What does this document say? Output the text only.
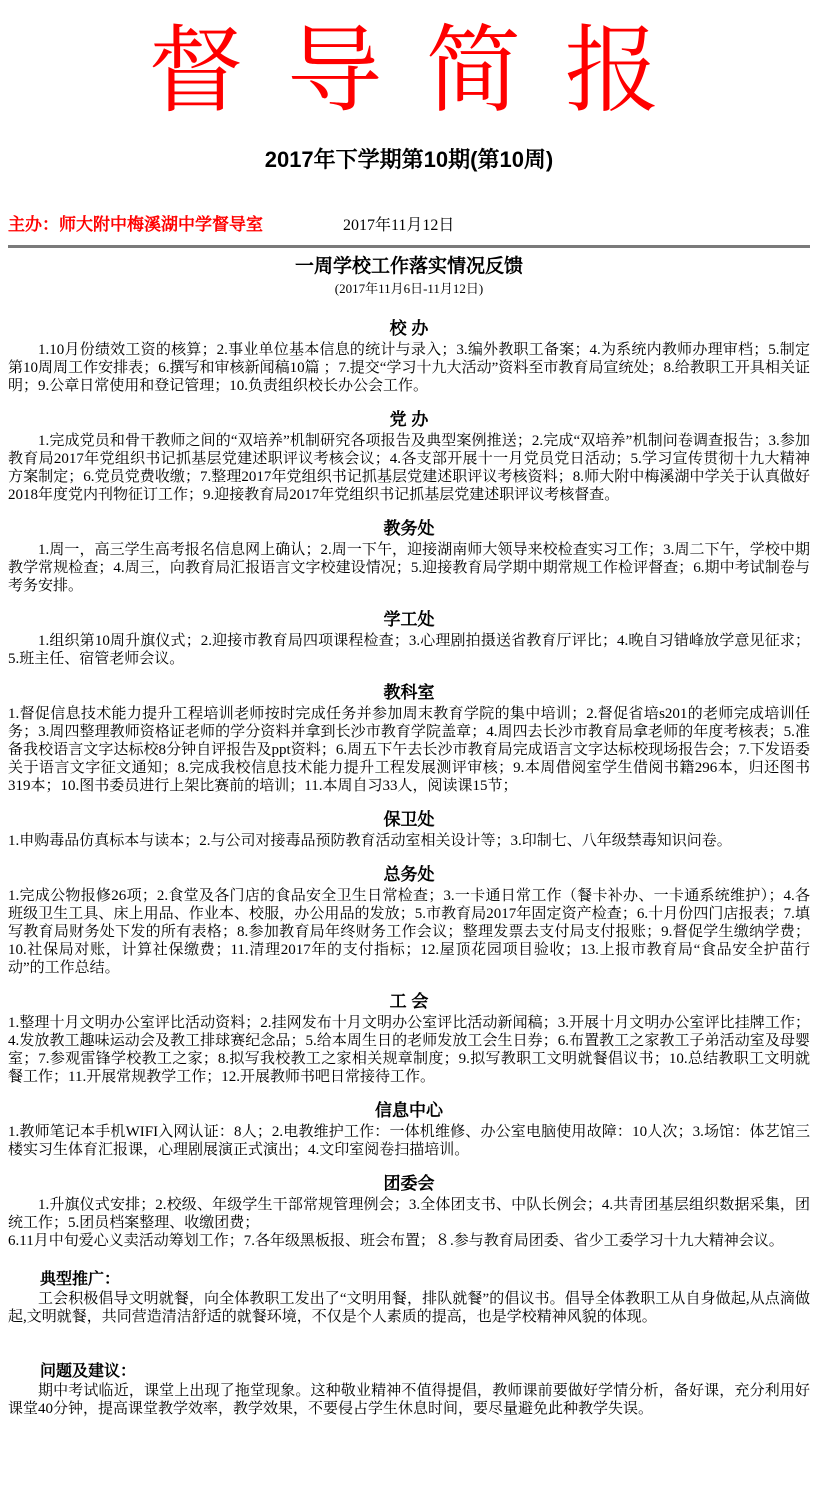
督 导 简 报
2017年下学期第10期(第10周)
主办：师大附中梅溪湖中学督导室	2017年11月12日
一周学校工作落实情况反馈
(2017年11月6日-11月12日)
校 办

1.10月份绩效工资的核算；2.事业单位基本信息的统计与录入；3.编外教职工备案；4.为系统内教师办理审档；5.制定第10周周工作安排表；6.撰写和审核新闻稿10篇 ；7.提交“学习十九大活动”资料至市教育局宣统处；8.给教职工开具相关证明；9.公章日常使用和登记管理；10.负责组织校长办公会工作。

党 办

1.完成党员和骨干教师之间的“双培养”机制研究各项报告及典型案例推送；2.完成“双培养”机制问卷调查报告；3.参加教育局2017年党组织书记抓基层党建述职评议考核会议；4.各支部开展十一月党员党日活动；5.学习宣传贯彻十九大精神方案制定；6.党员党费收缴；7.整理2017年党组织书记抓基层党建述职评议考核资料；8.师大附中梅溪湖中学关于认真做好2018年度党内刊物征订工作；9.迎接教育局2017年党组织书记抓基层党建述职评议考核督查。

教务处

1.周一，高三学生高考报名信息网上确认；2.周一下午，迎接湖南师大领导来校检查实习工作；3.周二下午，学校中期教学常规检查；4.周三，向教育局汇报语言文字校建设情况；5.迎接教育局学期中期常规工作检评督查；6.期中考试制卷与考务安排。

学工处

1.组织第10周升旗仪式；2.迎接市教育局四项课程检查；3.心理剧拍摄送省教育厅评比；4.晚自习错峰放学意见征求；5.班主任、宿管老师会议。

教科室

1.督促信息技术能力提升工程培训老师按时完成任务并参加周末教育学院的集中培训；2.督促省培s201的老师完成培训任务；3.周四整理教师资格证老师的学分资料并拿到长沙市教育学院盖章；4.周四去长沙市教育局拿老师的年度考核表；5.准备我校语言文字达标校8分钟自评报告及ppt资料；6.周五下午去长沙市教育局完成语言文字达标校现场报告会；7.下发语委关于语言文字征文通知；8.完成我校信息技术能力提升工程发展测评审核；9.本周借阅室学生借阅书籍296本，归还图书319本；10.图书委员进行上架比赛前的培训；11.本周自习33人，阅读课15节；

保卫处

1.申购毒品仿真标本与读本；2.与公司对接毒品预防教育活动室相关设计等；3.印制七、八年级禁毒知识问卷。

总务处

1.完成公物报修26项；2.食堂及各门店的食品安全卫生日常检查；3.一卡通日常工作（餐卡补办、一卡通系统维护）；4.各班级卫生工具、床上用品、作业本、校服，办公用品的发放；5.市教育局2017年固定资产检查；6.十月份四门店报表；7.填写教育局财务处下发的所有表格；8.参加教育局年终财务工作会议；整理发票去支付局支付报账；9.督促学生缴纳学费；10.社保局对账，计算社保缴费；11.清理2017年的支付指标；12.屋顶花园项目验收；13.上报市教育局“食品安全护苗行动”的工作总结。

工 会

1.整理十月文明办公室评比活动资料；2.挂网发布十月文明办公室评比活动新闻稿；3.开展十月文明办公室评比挂牌工作；4.发放教工趣味运动会及教工排球赛纪念品；5.给本周生日的老师发放工会生日券；6.布置教工之家教工子弟活动室及母婴室；7.参观雷锋学校教工之家；8.拟写我校教工之家相关规章制度；9.拟写教职工文明就餐倡议书；10.总结教职工文明就餐工作；11.开展常规教学工作；12.开展教师书吧日常接待工作。

信息中心

1.教师笔记本手机WIFI入网认证：8人；2.电教维护工作：一体机维修、办公室电脑使用故障：10人次；3.场馆：体艺馆三楼实习生体育汇报课，心理剧展演正式演出；4.文印室阅卷扫描培训。

团委会

1.升旗仪式安排；2.校级、年级学生干部常规管理例会；3.全体团支书、中队长例会；4.共青团基层组织数据采集，团统工作；5.团员档案整理、收缴团费；

6.11月中旬爱心义卖活动筹划工作；7.各年级黑板报、班会布置；８.参与教育局团委、省少工委学习十九大精神会议。

典型推广：

工会积极倡导文明就餐，向全体教职工发出了“文明用餐，排队就餐”的倡议书。倡导全体教职工从自身做起,从点滴做起,文明就餐，共同营造清洁舒适的就餐环境，不仅是个人素质的提高，也是学校精神风貌的体现。

问题及建议：

期中考试临近，课堂上出现了拖堂现象。这种敬业精神不值得提倡，教师课前要做好学情分析，备好课，充分利用好课堂40分钟，提高课堂教学效率，教学效果，不要侵占学生休息时间，要尽量避免此种教学失误。
